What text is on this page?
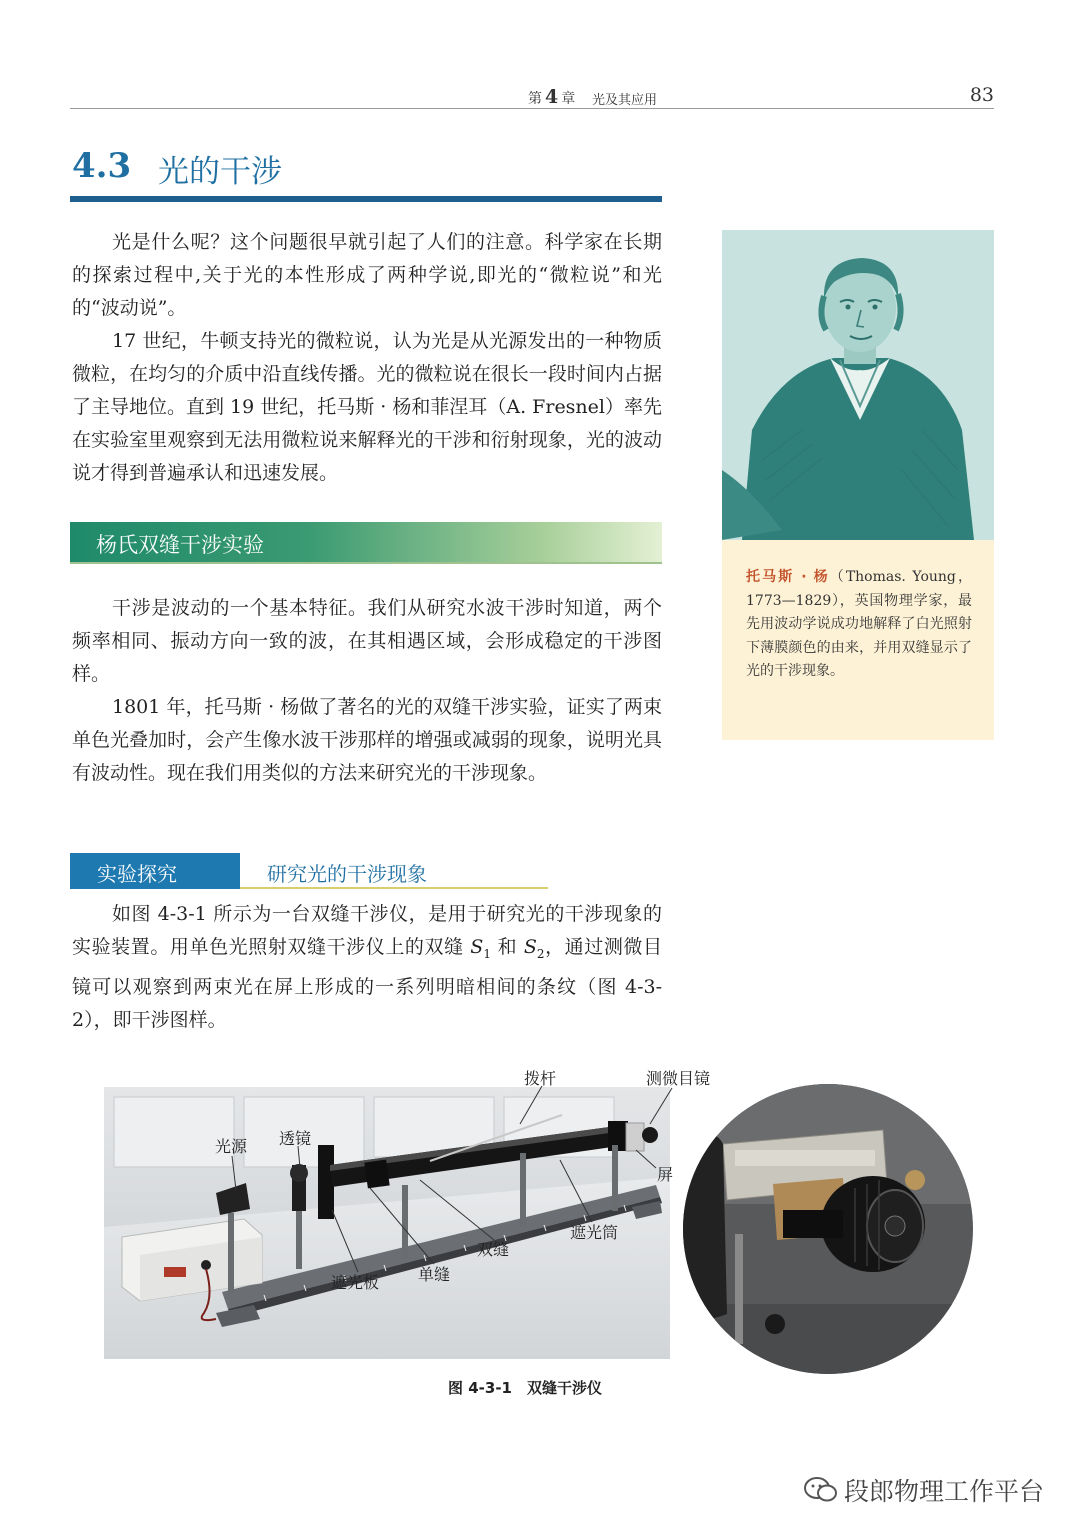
第 4 章 光及其应用	83
4.3 光的干涉

光是什么呢？这个问题很早就引起了人们的注意。科学家在长期的探索过程中,关于光的本性形成了两种学说,即光的“微粒说”和光的“波动说”。

17 世纪，牛顿支持光的微粒说，认为光是从光源发出的一种物质微粒，在均匀的介质中沿直线传播。光的微粒说在很长一段时间内占据了主导地位。直到 19 世纪，托马斯 · 杨和菲涅耳（A. Fresnel）率先在实验室里观察到无法用微粒说来解释光的干涉和衍射现象，光的波动说才得到普遍承认和迅速发展。

杨氏双缝干涉实验

干涉是波动的一个基本特征。我们从研究水波干涉时知道，两个频率相同、振动方向一致的波，在其相遇区域，会形成稳定的干涉图样。

1801 年，托马斯 · 杨做了著名的光的双缝干涉实验，证实了两束单色光叠加时，会产生像水波干涉那样的增强或减弱的现象，说明光具有波动性。现在我们用类似的方法来研究光的干涉现象。

实验探究	研究光的干涉现象

如图 4-3-1 所示为一台双缝干涉仪，是用于研究光的干涉现象的实验装置。用单色光照射双缝干涉仪上的双缝 $S_1$ 和 $S_2$，通过测微目镜可以观察到两束光在屏上形成的一系列明暗相间的条纹（图 4-3-2），即干涉图样。

托马斯 · 杨（Thomas. Young，1773—1829），英国物理学家，最先用波动学说成功地解释了白光照射下薄膜颜色的由来，并用双缝显示了光的干涉现象。

光源 透镜
拨杆	测微目镜
屏
遮光筒
双缝
单缝
遮光板
图 4-3-1　双缝干涉仪
段郎物理工作平台
